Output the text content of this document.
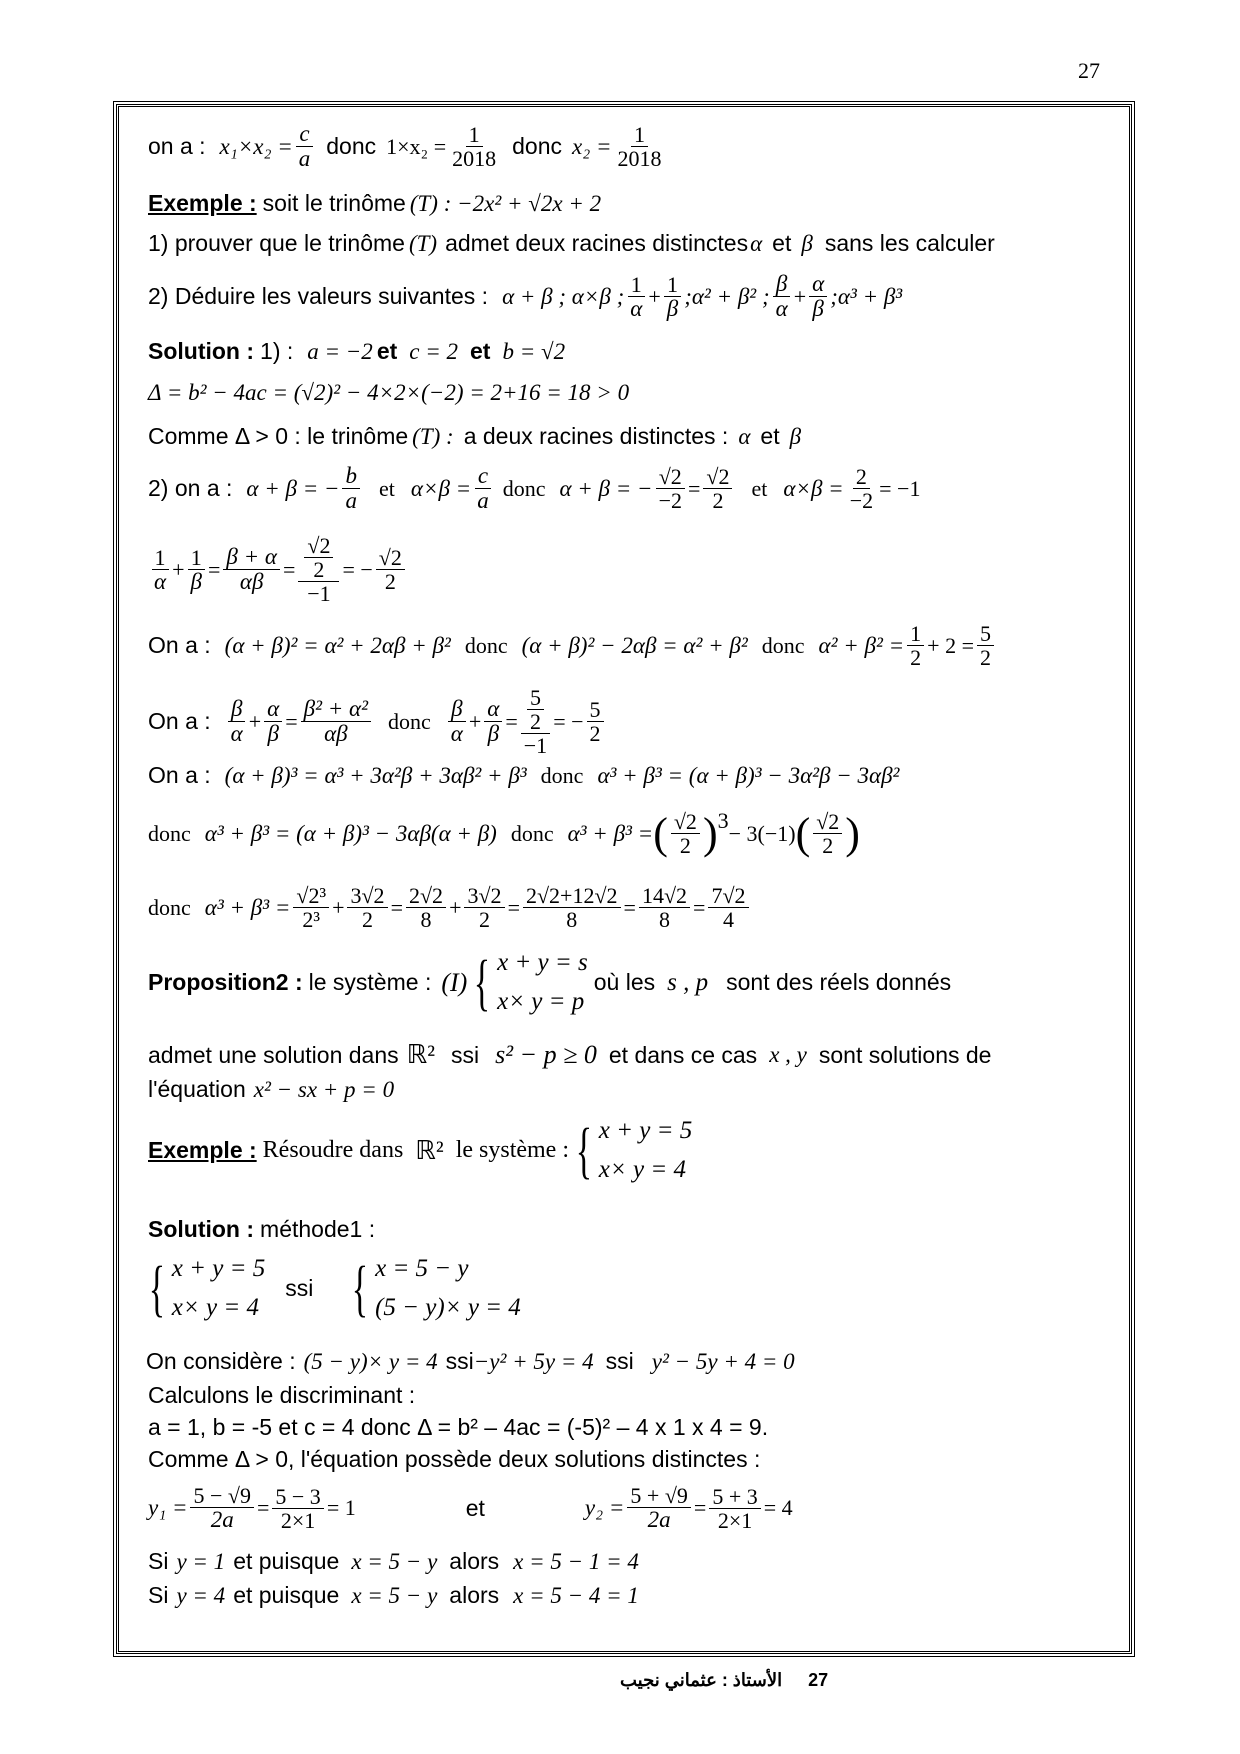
27
on a : $x_1\times x_2 = \frac{c}{a}$ donc $1\times x_2 = \frac{1}{2018}$ donc $x_2 = \frac{1}{2018}$
Exemple : soit le trinôme (T) : −2x² + √2x + 2
1) prouver que le trinôme (T) admet deux racines distinctes α et β sans les calculer
2) Déduire les valeurs suivantes : α + β ; α×β ; $\frac{1}{\alpha} + \frac{1}{\beta}$ ;α² + β² ; $\frac{\beta}{\alpha} + \frac{\alpha}{\beta}$ ;α³ + β³
Solution : 1) : a = −2 et c = 2 et b = √2
Δ = b² − 4ac = (√2)² − 4×2×(−2) = 2+16 = 18 > 0
Comme Δ > 0 : le trinôme (T) : a deux racines distinctes : α et β
2) on a : α + β = − $\frac{b}{a}$ et $\alpha\times\beta = \frac{c}{a}$ donc α + β = − $\frac{√2}{-2} = \frac{√2}{2}$ et $\alpha\times\beta = \frac{2}{-2} = -1$
$\frac{1}{\alpha} + \frac{1}{\beta} = \frac{\beta + \alpha}{\alpha\beta} = \frac{\frac{√2}{2}}{-1}$ = − $\frac{√2}{2}$
On a : (α + β)² = α² + 2αβ + β² donc (α + β)² − 2αβ = α² + β² donc $\alpha^2 + \beta^2 = \frac{1}{2} + 2 = \frac{5}{2}$
On a : $\frac{\beta}{\alpha} + \frac{\alpha}{\beta} = \frac{\text{β² + α²}}{\alpha\beta}$ donc $\frac{\beta}{\alpha} + \frac{\alpha}{\beta} = \frac{\frac{5}{2}}{-1}$ = − $\frac{5}{2}$
On a : (α + β)³ = α³ + 3α²β + 3αβ² + β³ donc α³ + β³ = (α + β)³ − 3α²β − 3αβ²
donc α³ + β³ = (α + β)³ − 3αβ(α + β) donc α³ + β³ = ( $\frac{√2}{2}$ ) 3 − 3(−1) ( $\frac{√2}{2}$ )
donc $\alpha^3 + \beta^3 = \frac{\text{√2³}}{\text{2³}} + \frac{3√2}{2} = \frac{2√2}{8} + \frac{3√2}{2} = \frac{2√2+12√2}{8} = \frac{14√2}{8} = \frac{7√2}{4}$
Proposition2 : le système : (I) { x + y = s
x× y = p
où les s , p sont des réels donnés
admet une solution dans ℝ² ssi s² − p ≥ 0 et dans ce cas x , y sont solutions de
l'équation x² − sx + p = 0
Exemple : Résoudre dans ℝ² le système : { x + y = 5
x× y = 4
Solution : méthode1 :
{ x + y = 5
x× y = 4
ssi { x = 5 − y
(5 − y)× y = 4
On considère : (5 − y)× y = 4 ssi −y² + 5y = 4 ssi y² − 5y + 4 = 0
Calculons le discriminant :
a = 1, b = -5 et c = 4 donc Δ = b² – 4ac = (-5)² – 4 x 1 x 4 = 9.
Comme Δ > 0, l'équation possède deux solutions distinctes :
$y_1 = \frac{5 - √9}{2a} = \frac{5 - 3}{2\times 1} = 1$	et	$y_2 = \frac{5 + √9}{2a} = \frac{5 + 3}{2\times 1} = 4$
Si y = 1 et puisque x = 5 − y alors x = 5 − 1 = 4
Si y = 4 et puisque x = 5 − y alors x = 5 − 4 = 1
الأستاذ : عثماني نجيب 27
